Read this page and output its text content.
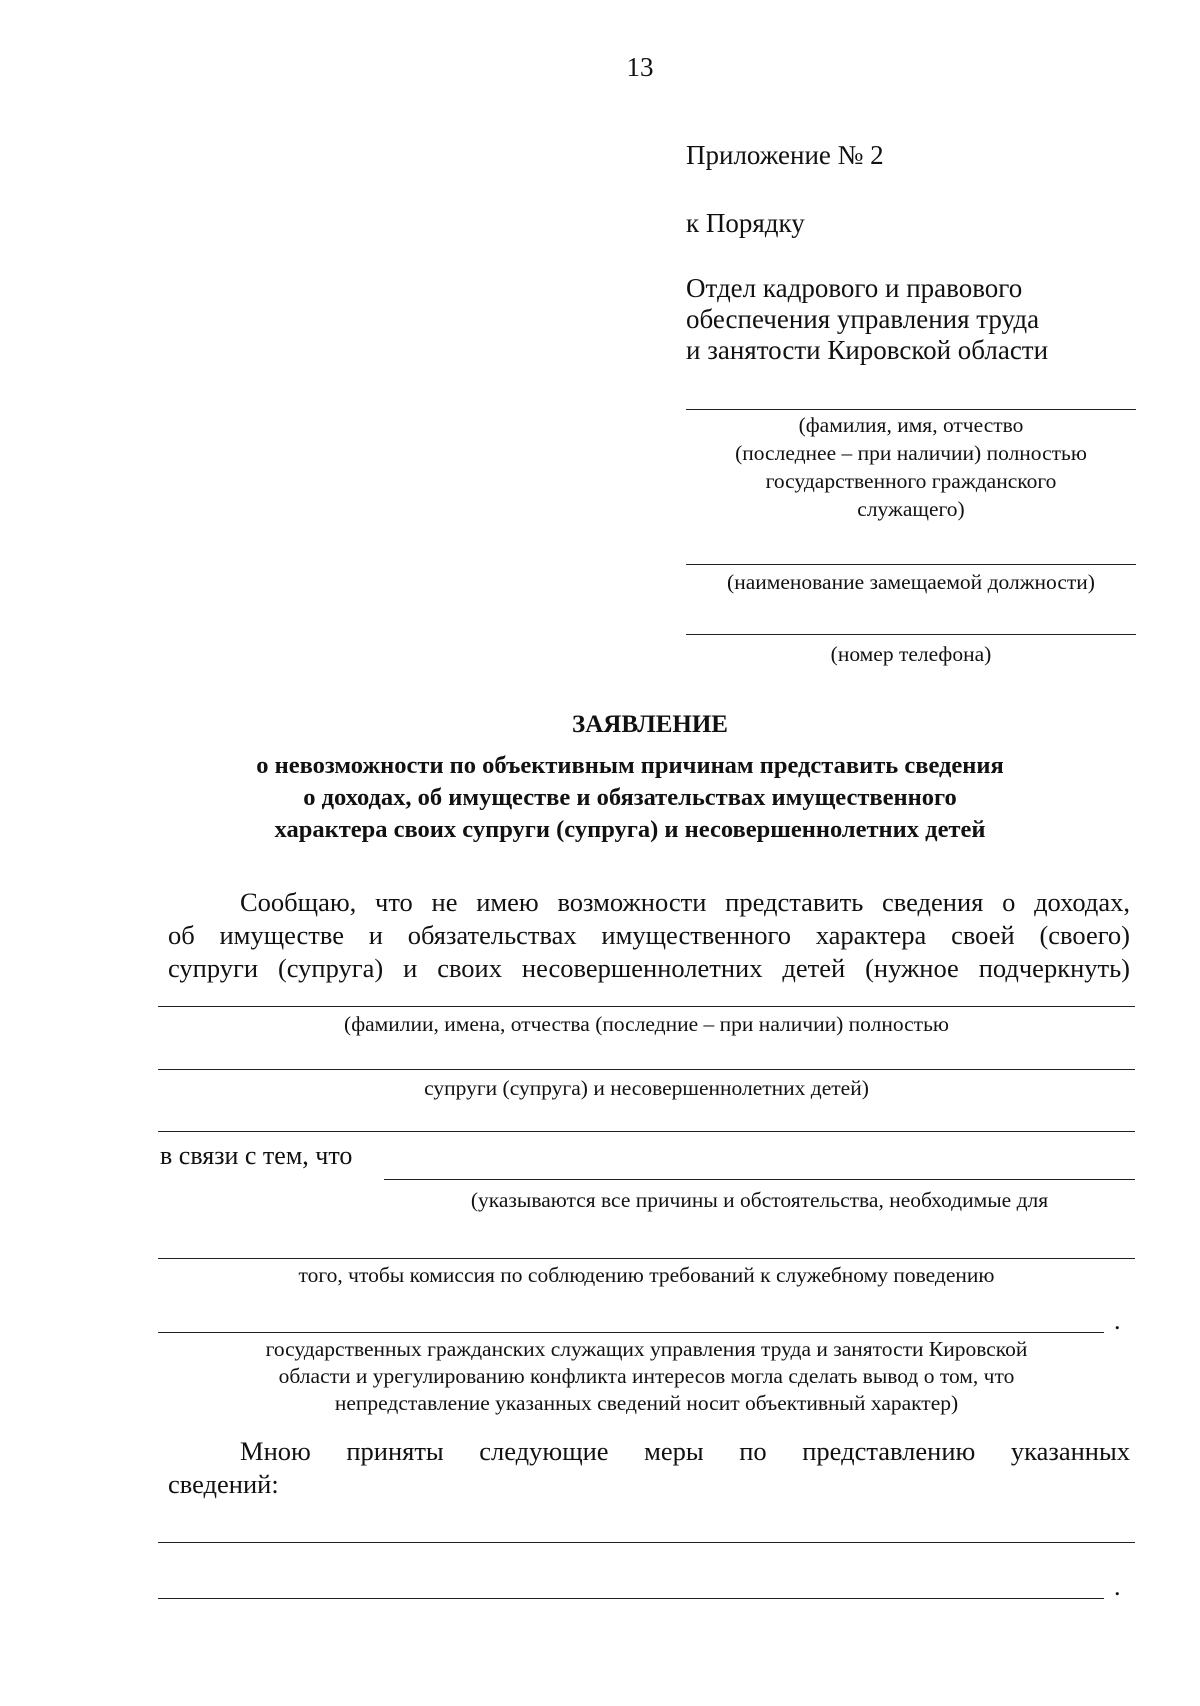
13
Приложение № 2
к Порядку
Отдел кадрового и правового
обеспечения управления труда
и занятости Кировской области
(фамилия, имя, отчество
(последнее – при наличии) полностью
государственного гражданского
служащего)
(наименование замещаемой должности)
(номер телефона)
ЗАЯВЛЕНИЕ
о невозможности по объективным причинам представить сведения
о доходах, об имуществе и обязательствах имущественного
характера своих супруги (супруга) и несовершеннолетних детей
Сообщаю, что не имею возможности представить сведения о доходах,
об имуществе и обязательствах имущественного характера своей (своего)
супруги (супруга) и своих несовершеннолетних детей (нужное подчеркнуть)
(фамилии, имена, отчества (последние – при наличии) полностью
супруги (супруга) и несовершеннолетних детей)
в связи с тем, что
(указываются все причины и обстоятельства, необходимые для
того, чтобы комиссия по соблюдению требований к служебному поведению
.
государственных гражданских служащих управления труда и занятости Кировской
области и урегулированию конфликта интересов могла сделать вывод о том, что
непредставление указанных сведений носит объективный характер)
Мною приняты следующие меры по представлению указанных
сведений:
.
